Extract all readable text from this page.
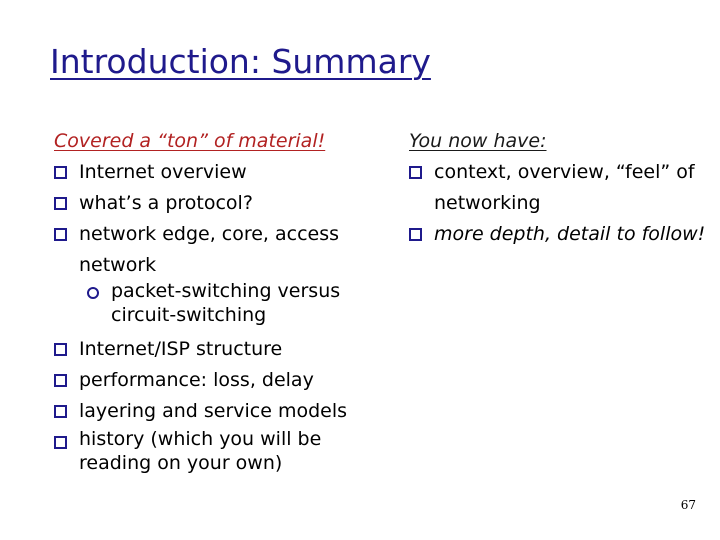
Introduction: Summary
Covered a “ton” of material!
Internet overview
what’s a protocol?
network edge, core, access network
packet-switching versus circuit-switching
Internet/ISP structure
performance: loss, delay
layering and service models
history (which you will be reading on your own)
You now have:
context, overview, “feel” of networking
more depth, detail to follow!
67
